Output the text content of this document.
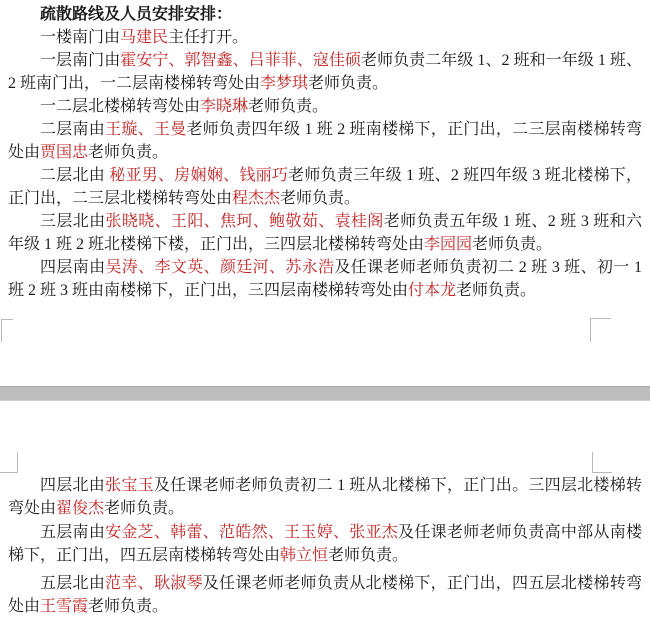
疏散路线及人员安排安排：

一楼南门由马建民主任打开。

一层南门由霍安宁、郭智鑫、吕菲菲、寇佳硕老师负责二年级 1、2 班和一年级 1 班、2 班南门出，一二层南楼梯转弯处由李梦琪老师负责。

一二层北楼梯转弯处由李晓琳老师负责。

二层南由王璇、王曼老师负责四年级 1 班 2 班南楼梯下，正门出，二三层南楼梯转弯处由贾国忠老师负责。

二层北由 秘亚男、房娴娴、钱丽巧老师负责三年级 1 班、2 班四年级 3 班北楼梯下，正门出，二三层北楼梯转弯处由程杰杰老师负责。

三层北由张晓晓、王阳、焦珂、鲍敬茹、袁桂阁老师负责五年级 1 班、2 班 3 班和六年级 1 班 2 班北楼梯下楼，正门出，三四层北楼梯转弯处由李园园老师负责。

四层南由吴涛、李文英、颜廷河、苏永浩及任课老师老师负责初二 2 班 3 班、初一 1 班 2 班 3 班由南楼梯下，正门出，三四层南楼梯转弯处由付本龙老师负责。

四层北由张宝玉及任课老师老师负责初二 1 班从北楼梯下，正门出。三四层北楼梯转弯处由翟俊杰老师负责。

五层南由安金芝、韩蕾、范皓然、王玉婷、张亚杰及任课老师老师负责高中部从南楼梯下，正门出，四五层南楼梯转弯处由韩立恒老师负责。

五层北由范幸、耿淑琴及任课老师老师负责从北楼梯下，正门出，四五层北楼梯转弯处由王雪霞老师负责。
